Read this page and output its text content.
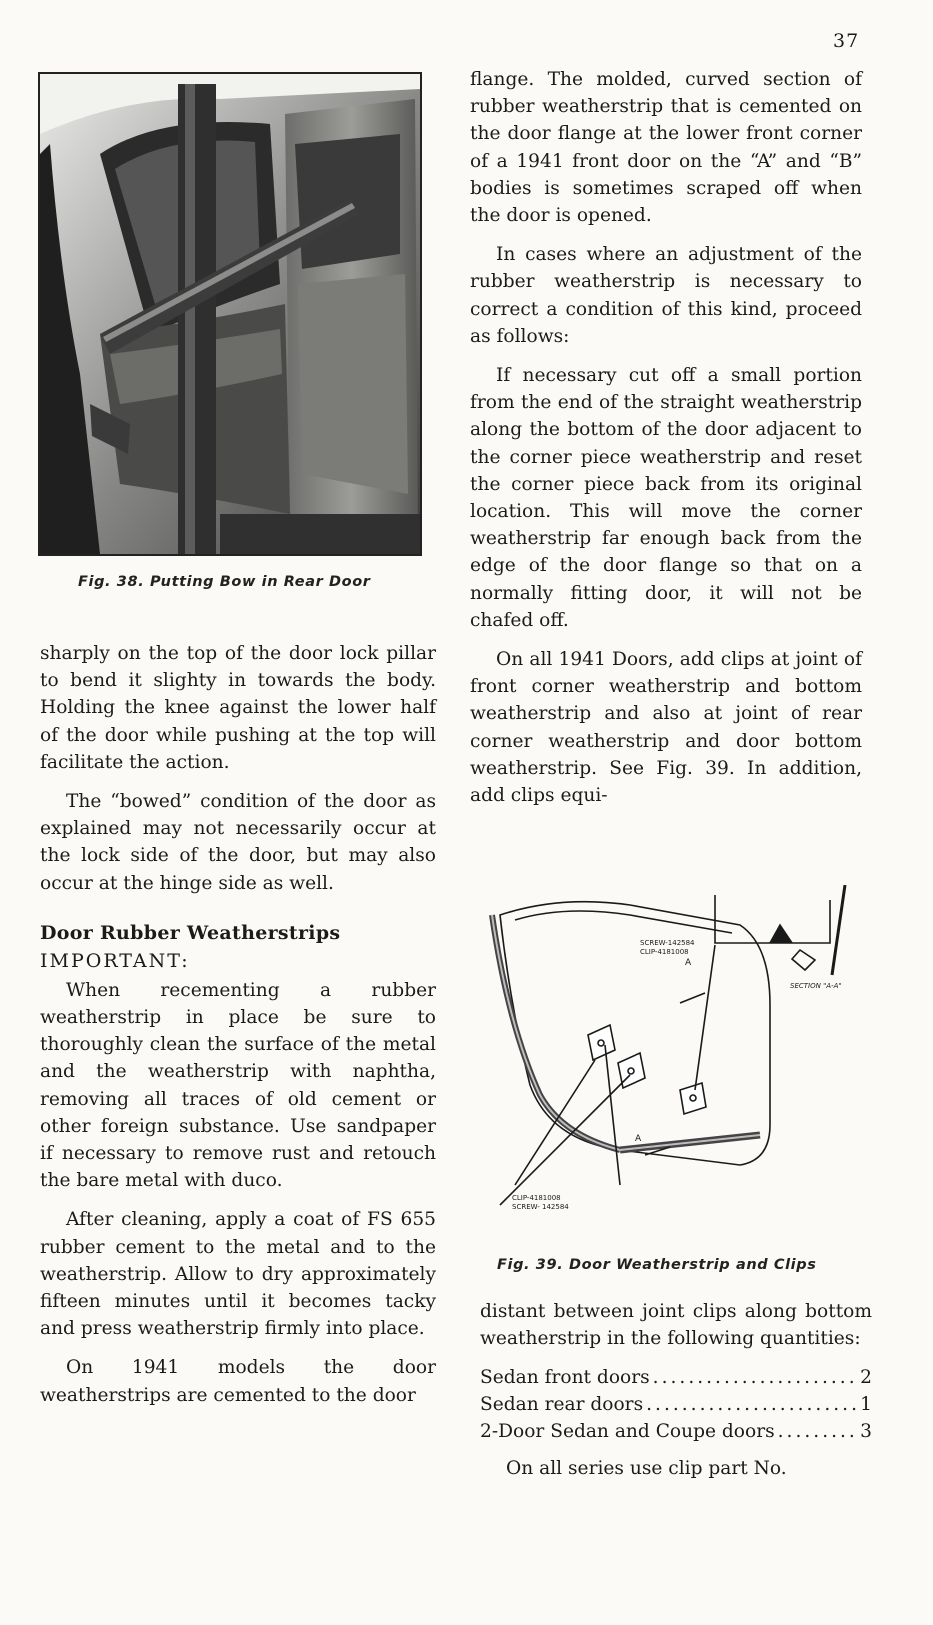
37
Fig. 38. Putting Bow in Rear Door

sharply on the top of the door lock pillar to bend it slighty in towards the body. Holding the knee against the lower half of the door while pushing at the top will facilitate the action.

The “bowed” condition of the door as explained may not necessarily occur at the lock side of the door, but may also occur at the hinge side as well.

Door Rubber Weatherstrips
IMPORTANT:

When recementing a rubber weatherstrip in place be sure to thoroughly clean the surface of the metal and the weatherstrip with naphtha, removing all traces of old cement or other foreign substance. Use sandpaper if necessary to remove rust and retouch the bare metal with duco.

After cleaning, apply a coat of FS 655 rubber cement to the metal and to the weatherstrip. Allow to dry approximately fifteen minutes until it becomes tacky and press weatherstrip firmly into place.

On 1941 models the door weatherstrips are cemented to the door

flange. The molded, curved section of rubber weatherstrip that is cemented on the door flange at the lower front corner of a 1941 front door on the “A” and “B” bodies is sometimes scraped off when the door is opened.

In cases where an adjustment of the rubber weatherstrip is necessary to correct a condition of this kind, proceed as follows:

If necessary cut off a small portion from the end of the straight weatherstrip along the bottom of the door adjacent to the corner piece weatherstrip and reset the corner piece back from its original location. This will move the corner weatherstrip far enough back from the edge of the door flange so that on a normally fitting door, it will not be chafed off.

On all 1941 Doors, add clips at joint of front corner weatherstrip and bottom weatherstrip and also at joint of rear corner weatherstrip and door bottom weatherstrip. See Fig. 39. In addition, add clips equi-

SCREW-142584 CLIP-4181008
A
SECTION "A-A"
A
CLIP-4181008 SCREW- 142584
Fig. 39. Door Weatherstrip and Clips

distant between joint clips along bottom weatherstrip in the following quantities:

Sedan front doors .....	2
Sedan rear doors .....	1
2-Door Sedan and Coupe doors .....	3

On all series use clip part No.
